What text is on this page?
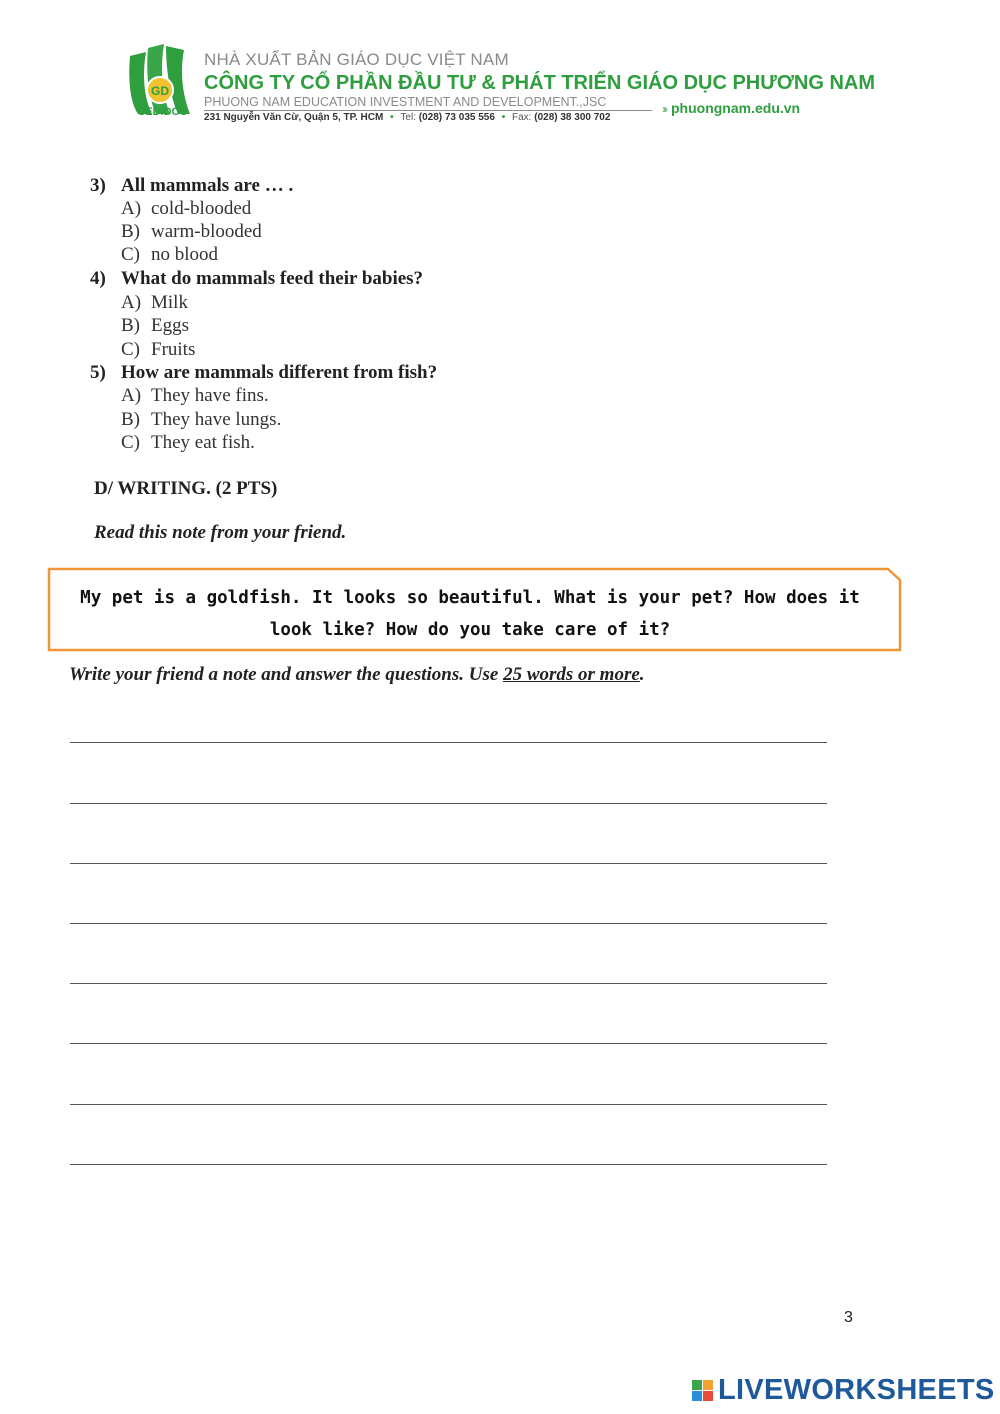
GD
SEDIDCO
NHÀ XUẤT BẢN GIÁO DỤC VIỆT NAM
CÔNG TY CỔ PHẦN ĐẦU TƯ & PHÁT TRIỂN GIÁO DỤC PHƯƠNG NAM
PHUONG NAM EDUCATION INVESTMENT AND DEVELOPMENT.,JSC
231 Nguyễn Văn Cừ, Quận 5, TP. HCM • Tel: (028) 73 035 556 • Fax: (028) 38 300 702
››› phuongnam.edu.vn
3) All mammals are … .
A) cold-blooded
B) warm-blooded
C) no blood
4) What do mammals feed their babies?
A) Milk
B) Eggs
C) Fruits
5) How are mammals different from fish?
A) They have fins.
B) They have lungs.
C) They eat fish.
D/ WRITING. (2 PTS)
Read this note from your friend.
My pet is a goldfish. It looks so beautiful. What is your pet? How does it look like? How do you take care of it?
Write your friend a note and answer the questions. Use 25 words or more.
3
LIVEWORKSHEETS
